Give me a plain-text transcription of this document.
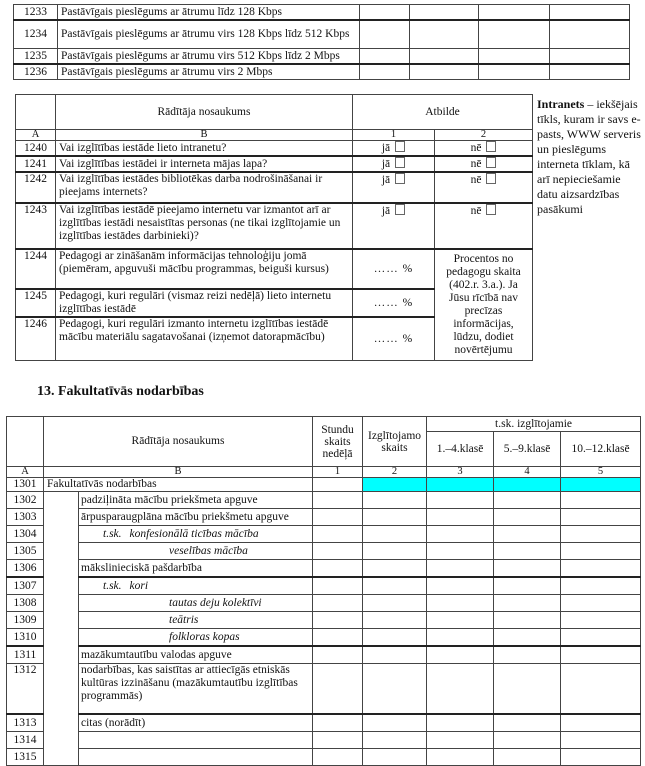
1233	Pastāvīgais pieslēgums ar ātrumu līdz 128 Kbps				
1234	Pastāvīgais pieslēgums ar ātrumu virs 128 Kbps līdz 512 Kbps				
1235	Pastāvīgais pieslēgums ar ātrumu virs 512 Kbps līdz 2 Mbps				
1236	Pastāvīgais pieslēgums ar ātrumu virs 2 Mbps				
	Rādītāja nosaukums	Atbilde	
A	B	1	2
1240	Vai izglītības iestāde lieto intranetu?	jā	nē
1241	Vai izglītības iestādei ir interneta mājas lapa?	jā	nē
1242	Vai izglītības iestādes bibliotēkas darba nodrošināšanai ir pieejams internets?	jā	nē
1243	Vai izglītības iestādē pieejamo internetu var izmantot arī ar izglītības iestādi nesaistītas personas (ne tikai izglītojamie un izglītības iestādes darbinieki)?	jā	nē
1244	Pedagogi ar zināšanām informācijas tehnoloģiju jomā (piemēram, apguvuši mācību programmas, beiguši kursus)	…… %	Procentos no pedagogu skaita (402.r. 3.a.). Ja Jūsu rīcībā nav precīzas informācijas, lūdzu, dodiet novērtējumu
1245	Pedagogi, kuri regulāri (vismaz reizi nedēļā) lieto internetu izglītības iestādē	…… %	
1246	Pedagogi, kuri regulāri izmanto internetu izglītības iestādē mācību materiālu sagatavošanai (izņemot datorapmācību)	…… %	
Intranets – iekšējais tīkls, kuram ir savs e-pasts, WWW serveris un pieslēgums interneta tīklam, kā arī nepieciešamie datu aizsardzības pasākumi
13. Fakultatīvās nodarbības
	Rādītāja nosaukums		Stundu skaits nedēļā	Izglītojamo skaits	t.sk. izglītojamie		
					1.–4.klasē	5.–9.klasē	10.–12.klasē
A	B		1	2	3	4	5
1301	Fakultatīvās nodarbības						
1302		padziļināta mācību priekšmeta apguve					
1303		ārpusparaugplāna mācību priekšmetu apguve					
1304		t.sk. konfesionālā ticības mācība					
1305		veselības mācība					
1306		mākslinieciskā pašdarbība					
1307		t.sk. kori					
1308		tautas deju kolektīvi					
1309		teātris					
1310		folkloras kopas					
1311		mazākumtautību valodas apguve					
1312		nodarbības, kas saistītas ar attiecīgās etniskās kultūras izzināšanu (mazākumtautību izglītības programmās)					
1313		citas (norādīt)					
1314							
1315							
